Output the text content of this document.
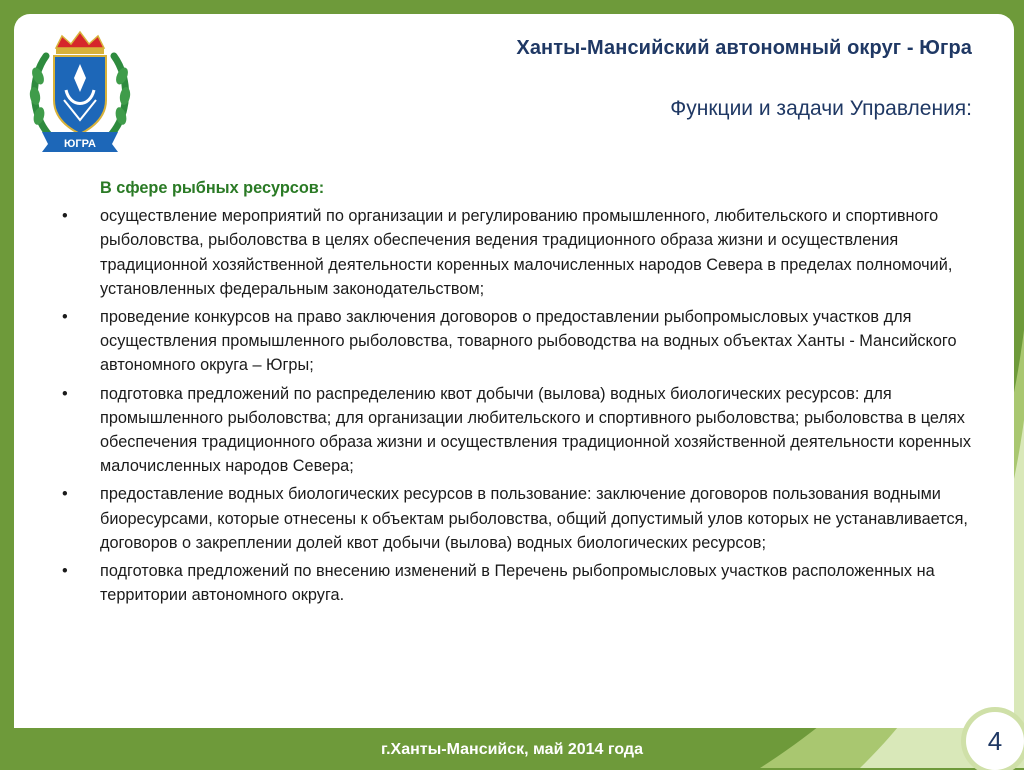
ЮГРА
Ханты-Мансийский автономный округ - Югра
Функции и задачи Управления:
В сфере рыбных ресурсов:
•	осуществление мероприятий по организации и регулированию промышленного, любительского и спортивного рыболовства, рыболовства в целях обеспечения ведения традиционного образа жизни и осуществления традиционной хозяйственной деятельности коренных малочисленных народов Севера в пределах полномочий, установленных федеральным законодательством;
•	проведение конкурсов на право заключения договоров о предоставлении рыбопромысловых участков для осуществления промышленного рыболовства, товарного рыбоводства на водных объектах Ханты - Мансийского автономного округа – Югры;
•	подготовка предложений по распределению квот добычи (вылова) водных биологических ресурсов: для промышленного рыболовства; для организации любительского и спортивного рыболовства; рыболовства в целях обеспечения традиционного образа жизни и осуществления традиционной хозяйственной деятельности коренных малочисленных народов Севера;
•	предоставление водных биологических ресурсов в пользование: заключение договоров пользования водными биоресурсами, которые отнесены к объектам рыболовства, общий допустимый улов которых не устанавливается, договоров о закреплении долей квот добычи (вылова) водных биологических ресурсов;
•	подготовка предложений по внесению изменений в Перечень рыбопромысловых участков расположенных на территории автономного округа.
г.Ханты-Мансийск, май 2014 года	4
